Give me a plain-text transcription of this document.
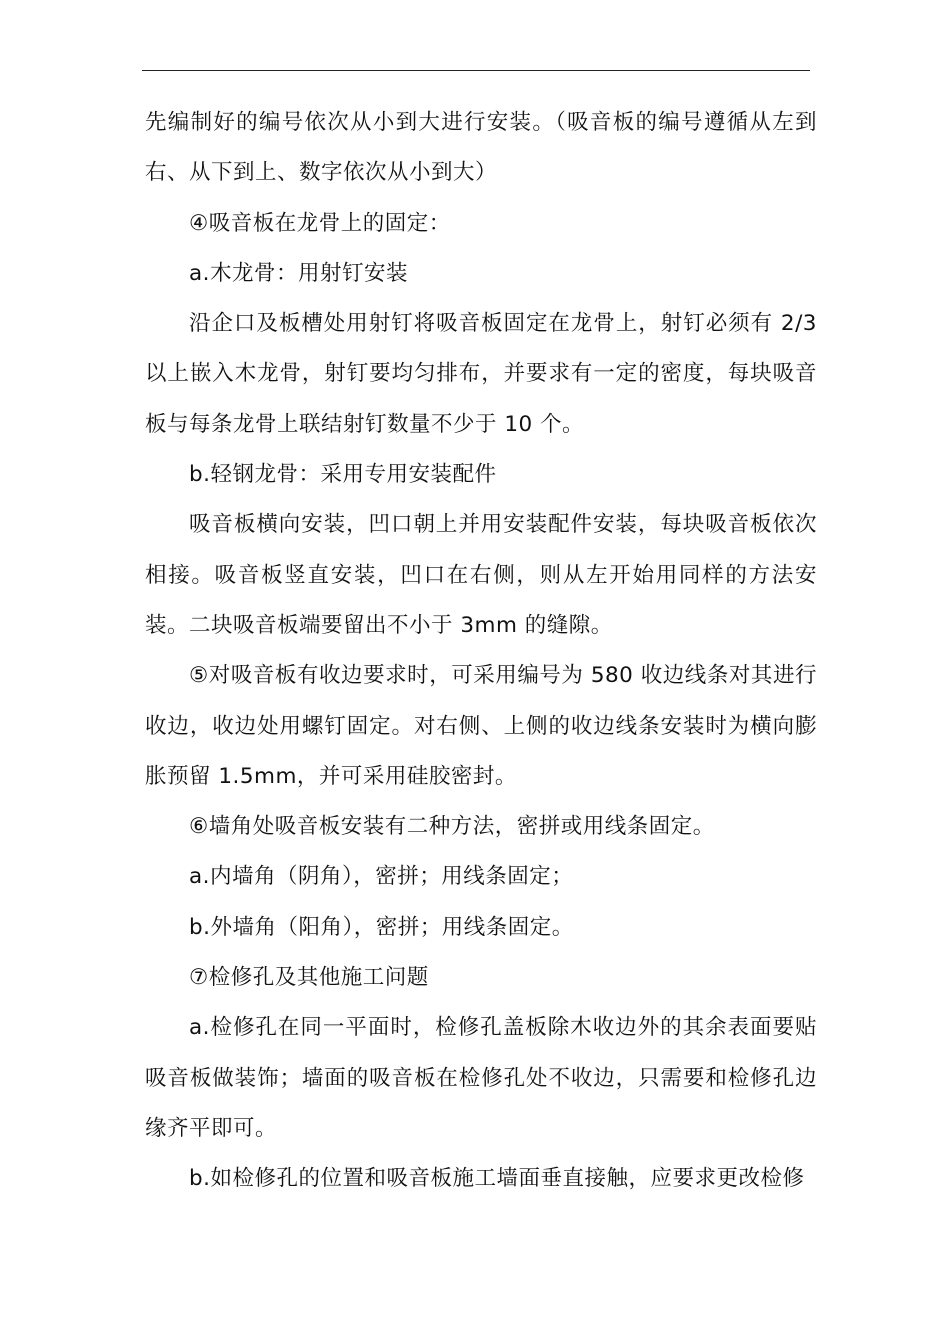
先编制好的编号依次从小到大进行安装。（吸音板的编号遵循从左到右、从下到上、数字依次从小到大）

④吸音板在龙骨上的固定：

a.木龙骨：用射钉安装

沿企口及板槽处用射钉将吸音板固定在龙骨上，射钉必须有 2/3 以上嵌入木龙骨，射钉要均匀排布，并要求有一定的密度，每块吸音板与每条龙骨上联结射钉数量不少于 10 个。

b.轻钢龙骨：采用专用安装配件

吸音板横向安装，凹口朝上并用安装配件安装，每块吸音板依次相接。吸音板竖直安装，凹口在右侧，则从左开始用同样的方法安装。二块吸音板端要留出不小于 3mm 的缝隙。

⑤对吸音板有收边要求时，可采用编号为 580 收边线条对其进行收边，收边处用螺钉固定。对右侧、上侧的收边线条安装时为横向膨胀预留 1.5mm，并可采用硅胶密封。

⑥墙角处吸音板安装有二种方法，密拼或用线条固定。

a.内墙角（阴角），密拼；用线条固定；

b.外墙角（阳角），密拼；用线条固定。

⑦检修孔及其他施工问题

a.检修孔在同一平面时，检修孔盖板除木收边外的其余表面要贴吸音板做装饰；墙面的吸音板在检修孔处不收边，只需要和检修孔边缘齐平即可。

b.如检修孔的位置和吸音板施工墙面垂直接触，应要求更改检修
